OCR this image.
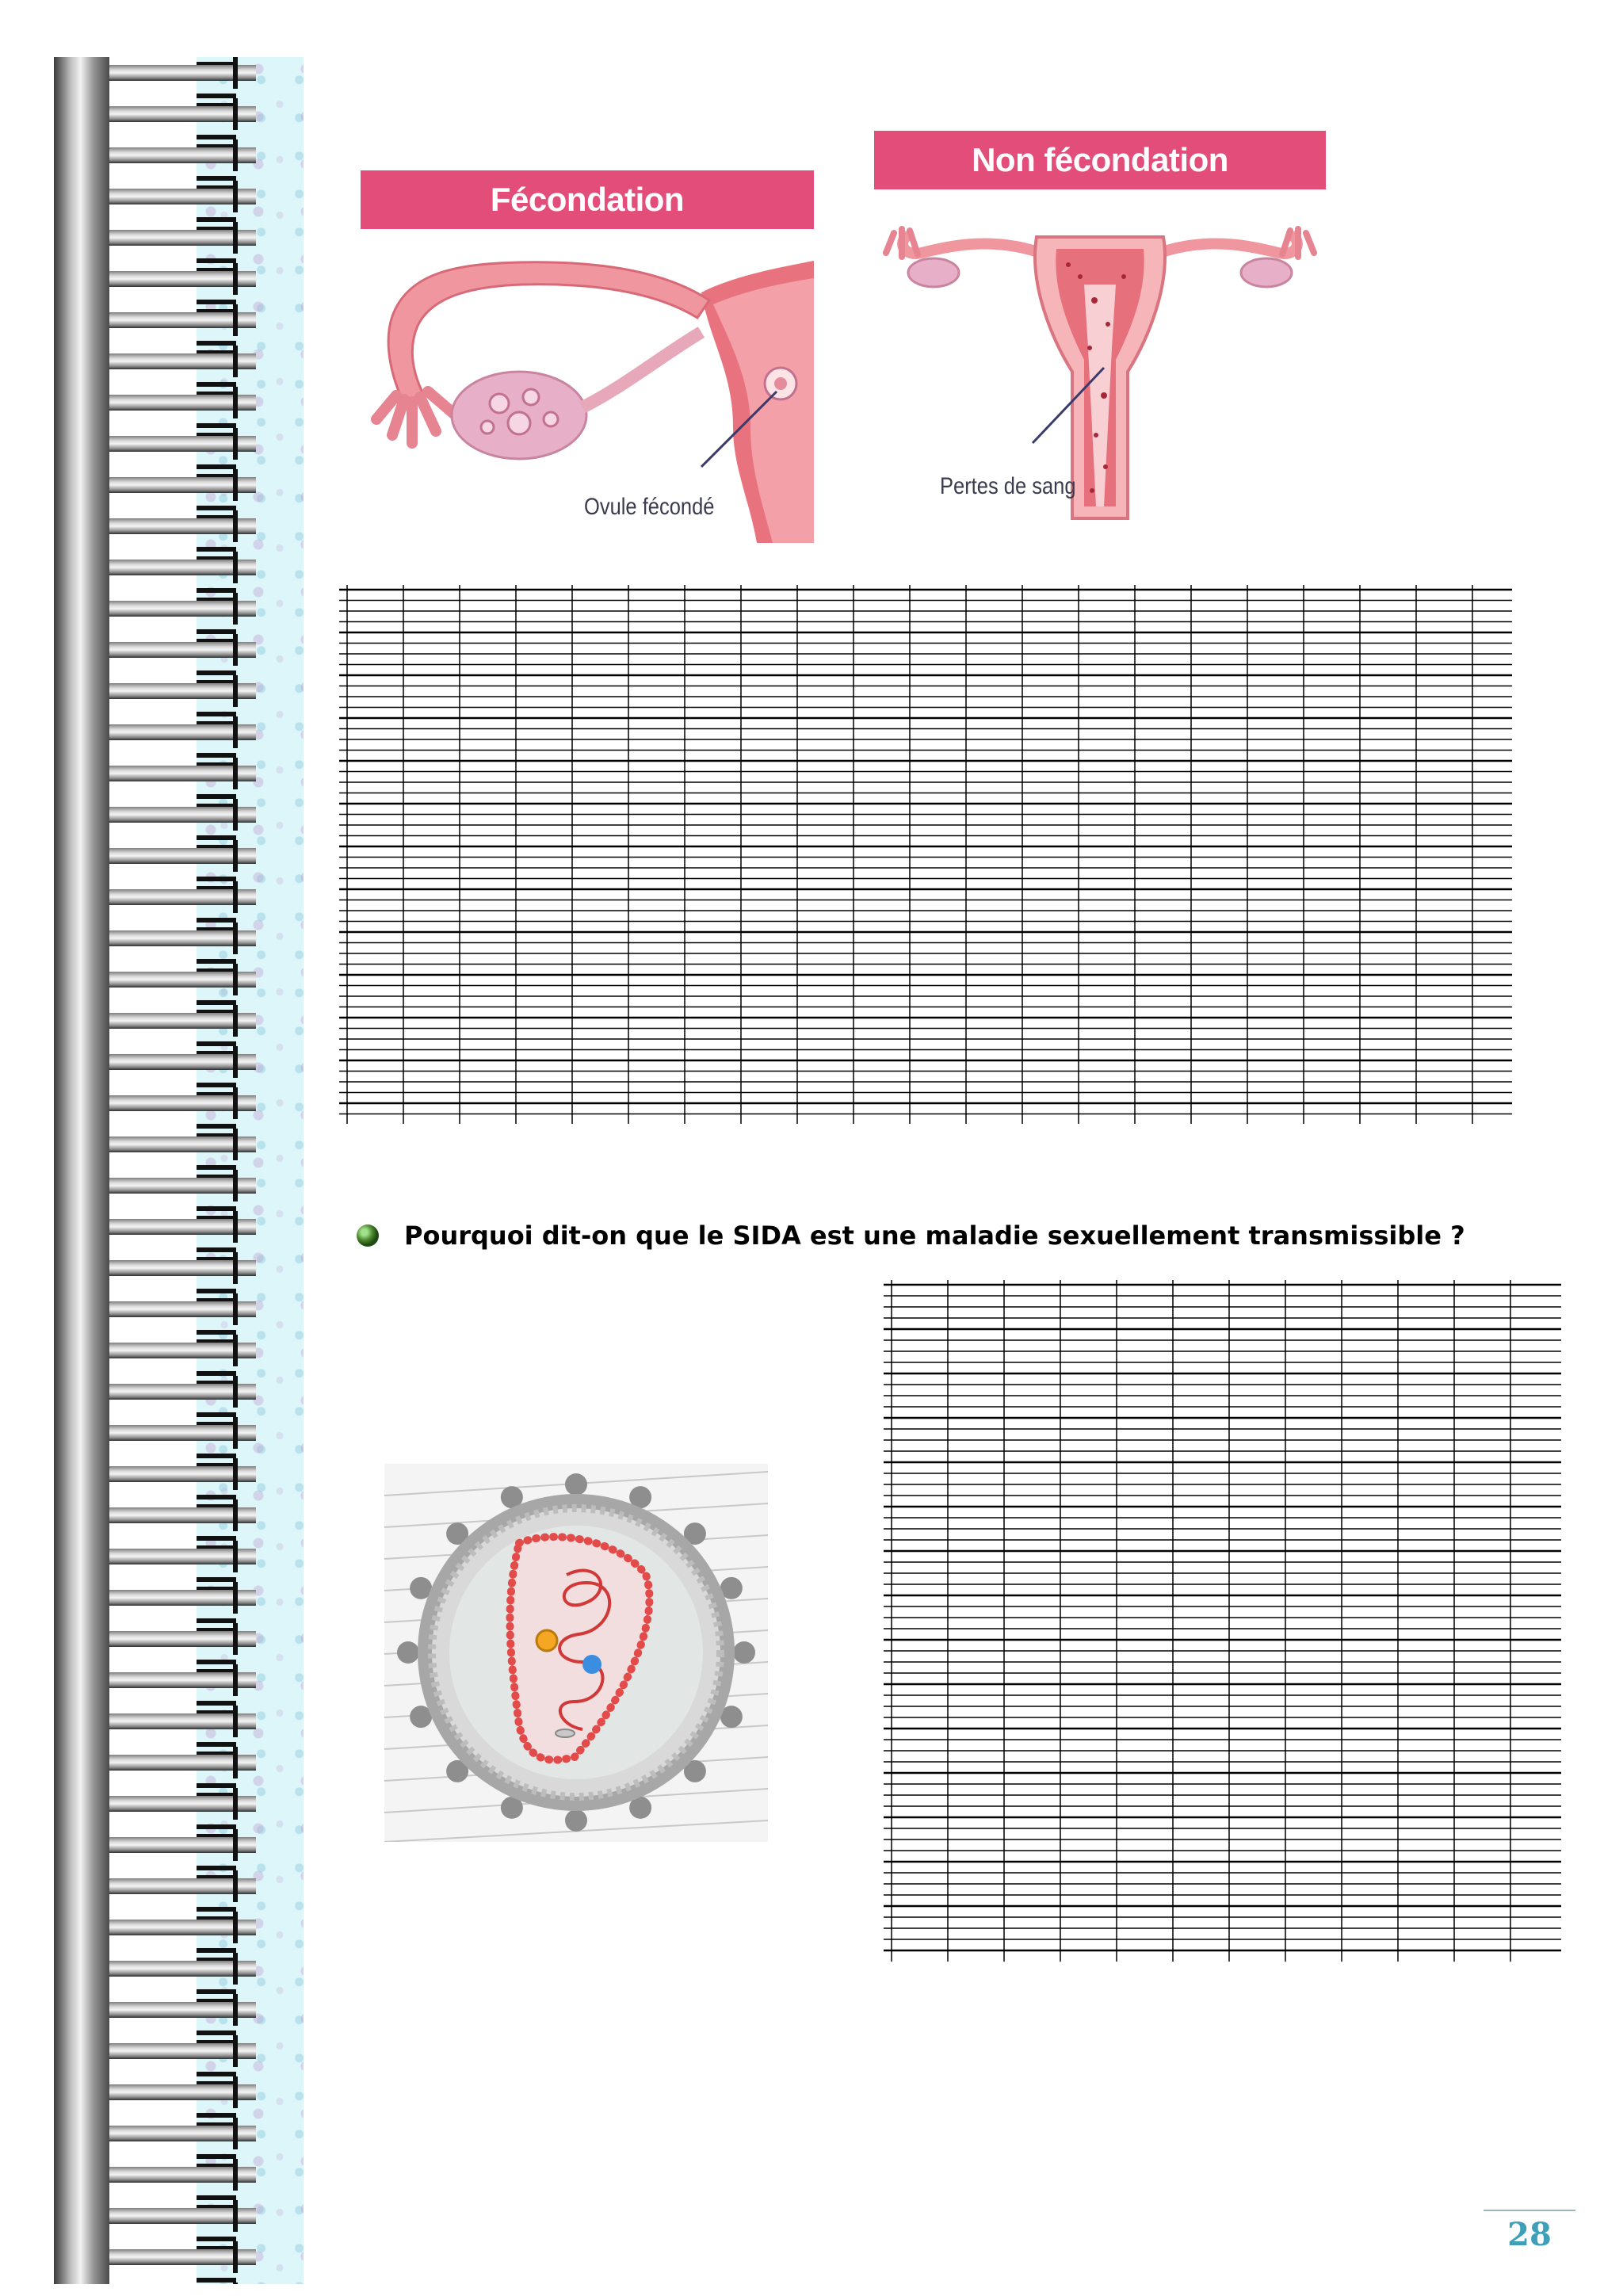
Fécondation
Ovule fécondé
Non fécondation
Pertes de sang
Pourquoi dit-on que le SIDA est une maladie sexuellement transmissible ?
28
